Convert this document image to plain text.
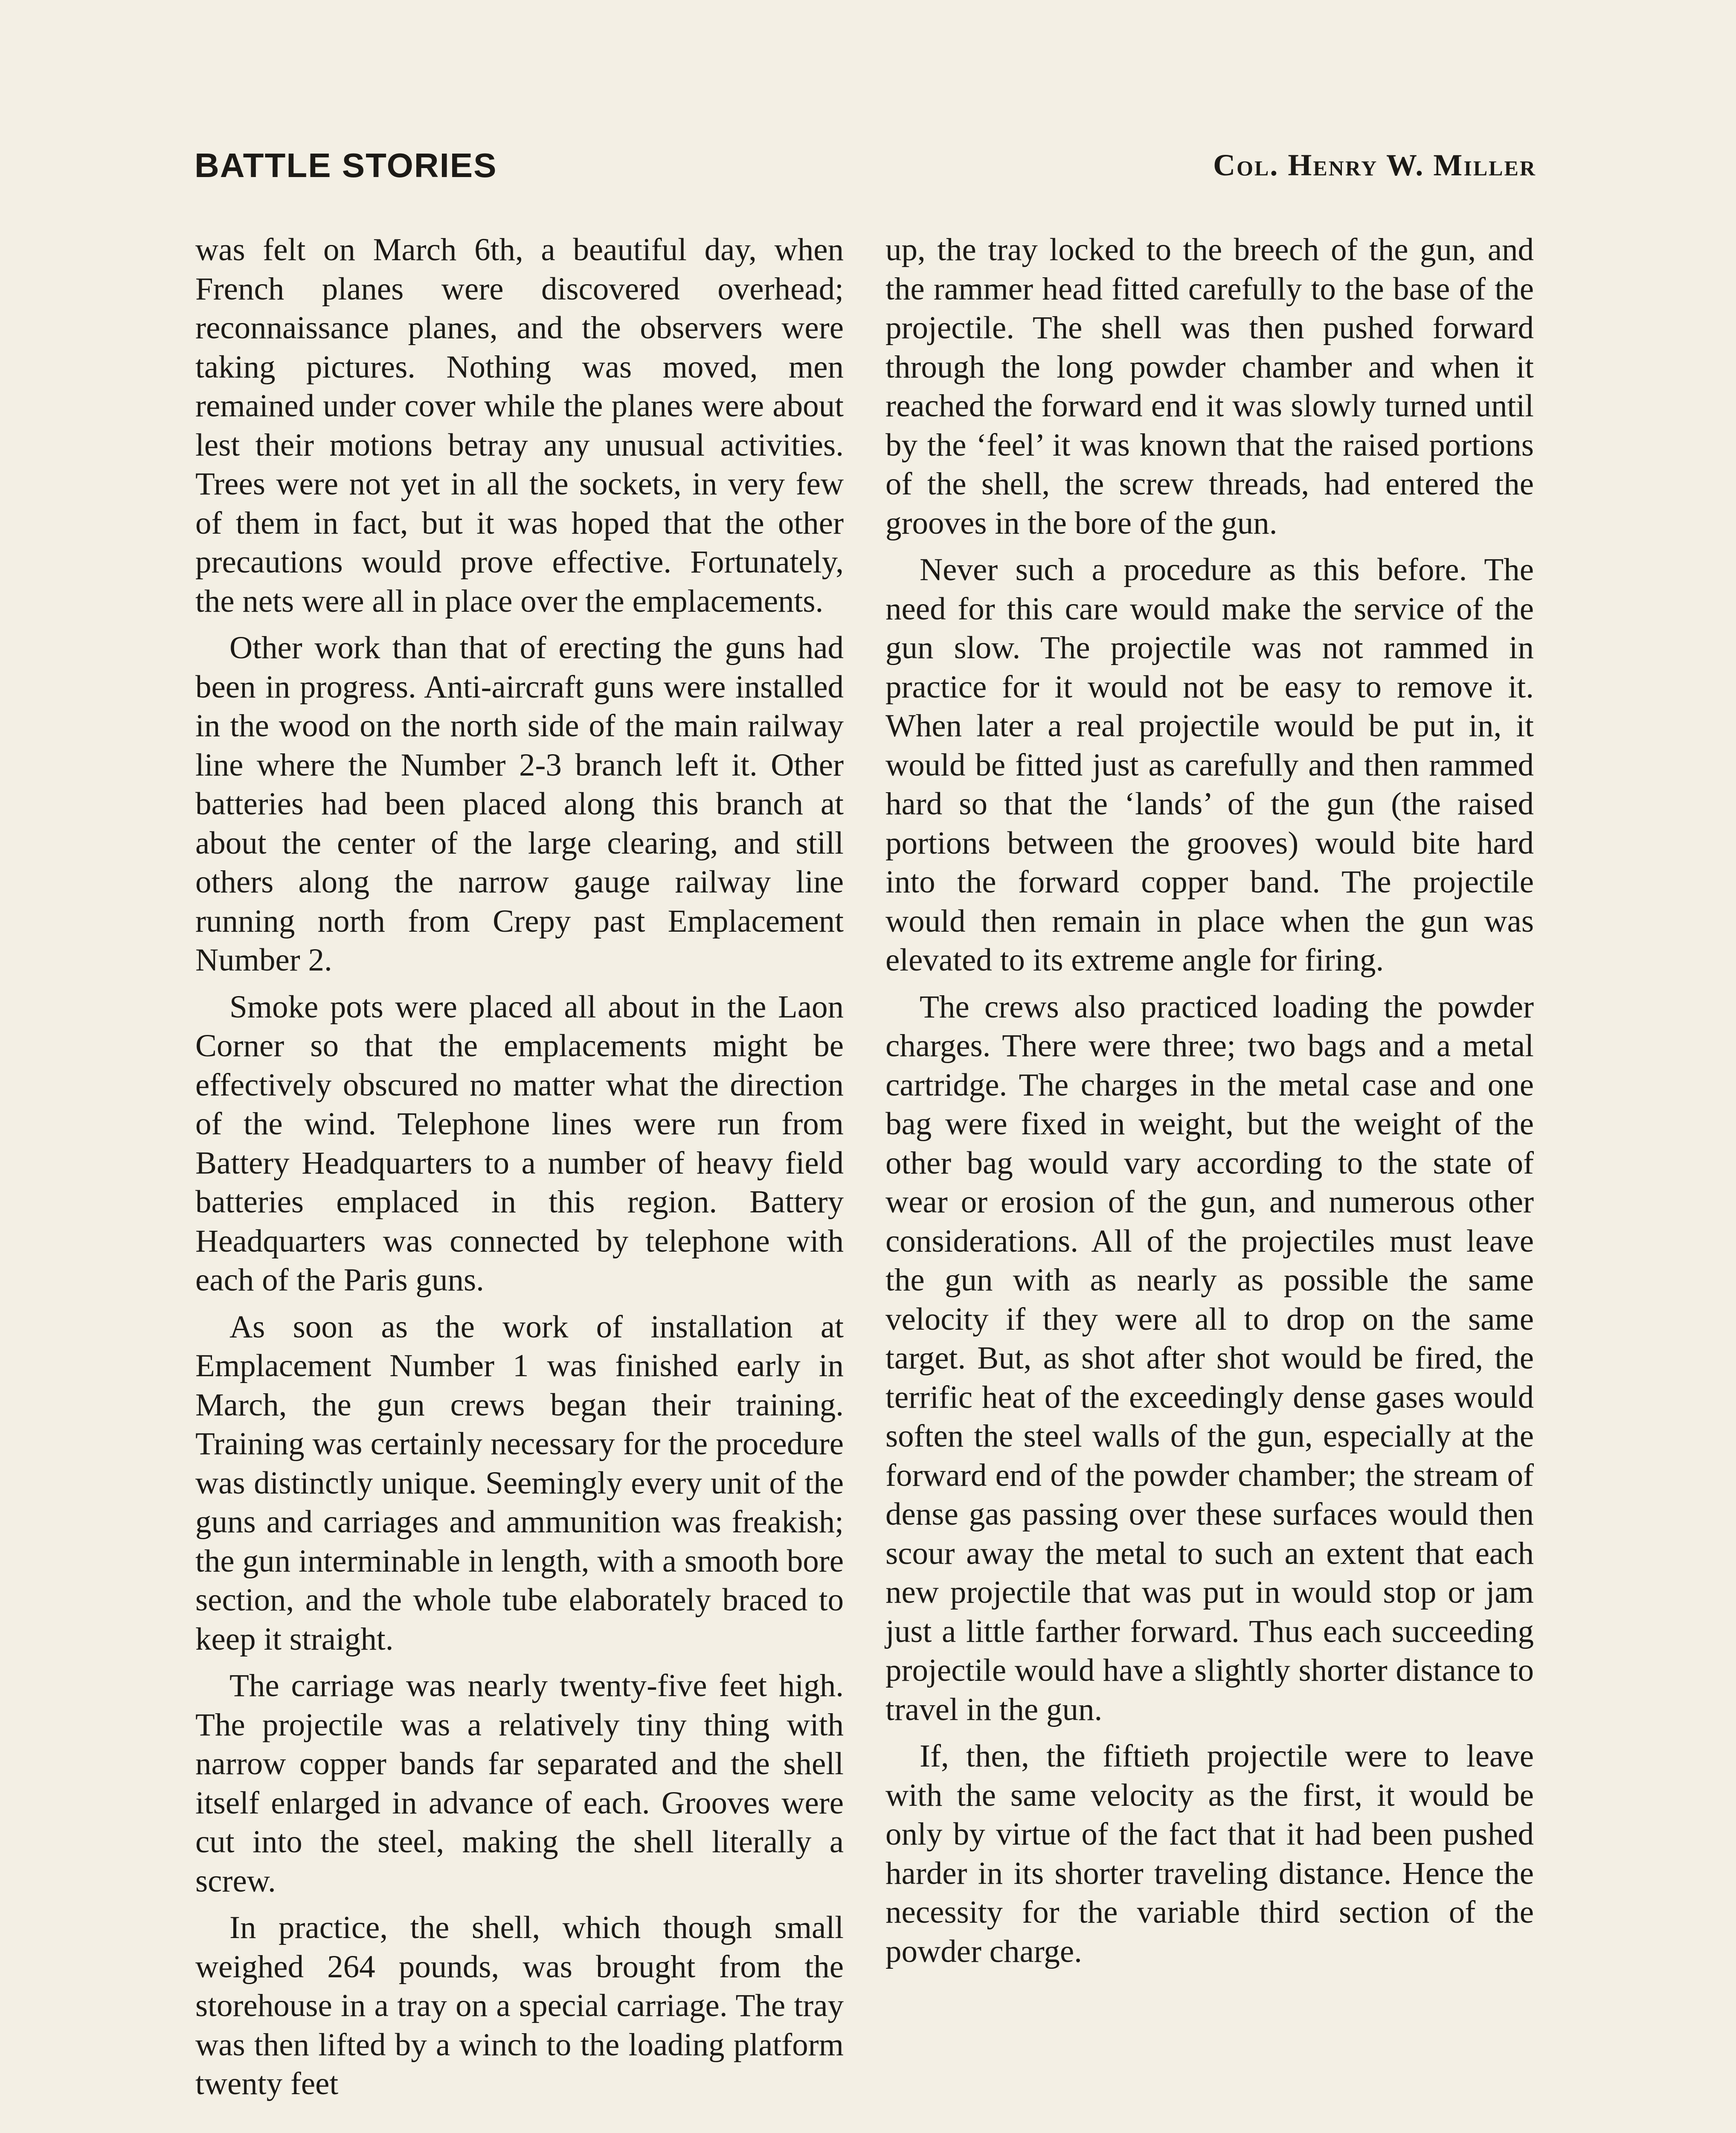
BATTLE STORIES	Col. Henry W. Miller

was felt on March 6th, a beautiful day, when French planes were discovered overhead; reconnaissance planes, and the observers were taking pictures. Nothing was moved, men remained under cover while the planes were about lest their motions betray any unusual activities. Trees were not yet in all the sockets, in very few of them in fact, but it was hoped that the other precautions would prove effective. Fortunately, the nets were all in place over the emplacements.

Other work than that of erecting the guns had been in progress. Anti-aircraft guns were installed in the wood on the north side of the main railway line where the Number 2-3 branch left it. Other batteries had been placed along this branch at about the center of the large clearing, and still others along the narrow gauge railway line running north from Crepy past Emplacement Number 2.

Smoke pots were placed all about in the Laon Corner so that the emplacements might be effectively obscured no matter what the direction of the wind. Telephone lines were run from Battery Headquarters to a number of heavy field batteries emplaced in this region. Battery Headquarters was connected by telephone with each of the Paris guns.

As soon as the work of installation at Emplacement Number 1 was finished early in March, the gun crews began their training. Training was certainly necessary for the procedure was distinctly unique. Seemingly every unit of the guns and carriages and ammunition was freakish; the gun interminable in length, with a smooth bore section, and the whole tube elaborately braced to keep it straight.

The carriage was nearly twenty-five feet high. The projectile was a relatively tiny thing with narrow copper bands far separated and the shell itself enlarged in advance of each. Grooves were cut into the steel, making the shell literally a screw.

In practice, the shell, which though small weighed 264 pounds, was brought from the storehouse in a tray on a special carriage. The tray was then lifted by a winch to the loading platform twenty feet

up, the tray locked to the breech of the gun, and the rammer head fitted carefully to the base of the projectile. The shell was then pushed forward through the long powder chamber and when it reached the forward end it was slowly turned until by the ‘feel’ it was known that the raised portions of the shell, the screw threads, had entered the grooves in the bore of the gun.

Never such a procedure as this before. The need for this care would make the service of the gun slow. The projectile was not rammed in practice for it would not be easy to remove it. When later a real projectile would be put in, it would be fitted just as carefully and then rammed hard so that the ‘lands’ of the gun (the raised portions between the grooves) would bite hard into the forward copper band. The projectile would then remain in place when the gun was elevated to its extreme angle for firing.

The crews also practiced loading the powder charges. There were three; two bags and a metal cartridge. The charges in the metal case and one bag were fixed in weight, but the weight of the other bag would vary according to the state of wear or erosion of the gun, and numerous other considerations. All of the projectiles must leave the gun with as nearly as possible the same velocity if they were all to drop on the same target. But, as shot after shot would be fired, the terrific heat of the exceedingly dense gases would soften the steel walls of the gun, especially at the forward end of the powder chamber; the stream of dense gas passing over these surfaces would then scour away the metal to such an extent that each new projectile that was put in would stop or jam just a little farther forward. Thus each succeeding projectile would have a slightly shorter distance to travel in the gun.

If, then, the fiftieth projectile were to leave with the same velocity as the first, it would be only by virtue of the fact that it had been pushed harder in its shorter traveling distance. Hence the necessity for the variable third section of the powder charge.
